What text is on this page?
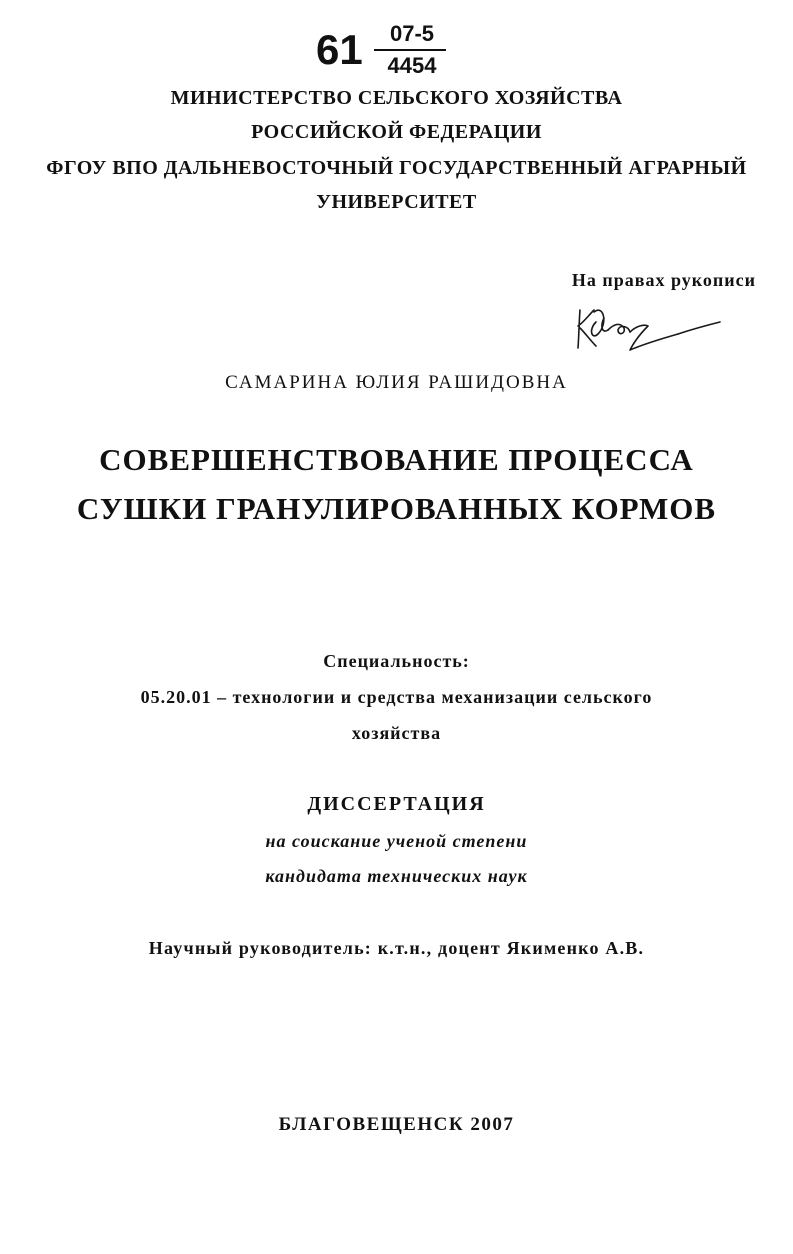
61	07-5
4454
МИНИСТЕРСТВО СЕЛЬСКОГО ХОЗЯЙСТВА
РОССИЙСКОЙ ФЕДЕРАЦИИ
ФГОУ ВПО ДАЛЬНЕВОСТОЧНЫЙ ГОСУДАРСТВЕННЫЙ АГРАРНЫЙ
УНИВЕРСИТЕТ
На правах рукописи
САМАРИНА ЮЛИЯ РАШИДОВНА
СОВЕРШЕНСТВОВАНИЕ ПРОЦЕССА
СУШКИ ГРАНУЛИРОВАННЫХ КОРМОВ
Специальность:
05.20.01 – технологии и средства механизации сельского
хозяйства
ДИССЕРТАЦИЯ
на соискание ученой степени
кандидата технических наук
Научный руководитель: к.т.н., доцент Якименко А.В.
БЛАГОВЕЩЕНСК 2007
